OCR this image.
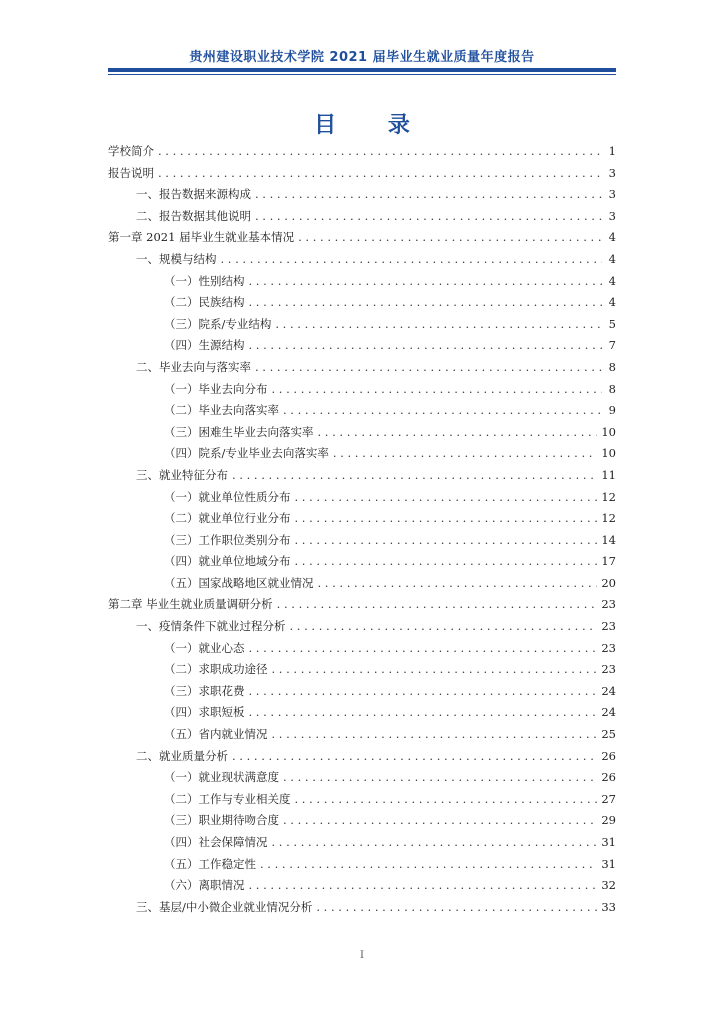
贵州建设职业技术学院 2021 届毕业生就业质量年度报告
目 录
学校简介 . . .	1
报告说明 . . .	3
一、报告数据来源构成 . . .	3
二、报告数据其他说明 . . .	3
第一章 2021 届毕业生就业基本情况 . . .	4
一、规模与结构 . . .	4
（一）性别结构 . . .	4
（二）民族结构 . . .	4
（三）院系/专业结构 . . .	5
（四）生源结构 . . .	7
二、毕业去向与落实率 . . .	8
（一）毕业去向分布 . . .	8
（二）毕业去向落实率 . . .	9
（三）困难生毕业去向落实率 . . .	10
（四）院系/专业毕业去向落实率 . . .	10
三、就业特征分布 . . .	11
（一）就业单位性质分布 . . .	12
（二）就业单位行业分布 . . .	12
（三）工作职位类别分布 . . .	14
（四）就业单位地域分布 . . .	17
（五）国家战略地区就业情况 . . .	20
第二章 毕业生就业质量调研分析 . . .	23
一、疫情条件下就业过程分析 . . .	23
（一）就业心态 . . .	23
（二）求职成功途径 . . .	23
（三）求职花费 . . .	24
（四）求职短板 . . .	24
（五）省内就业情况 . . .	25
二、就业质量分析 . . .	26
（一）就业现状满意度 . . .	26
（二）工作与专业相关度 . . .	27
（三）职业期待吻合度 . . .	29
（四）社会保障情况 . . .	31
（五）工作稳定性 . . .	31
（六）离职情况 . . .	32
三、基层/中小微企业就业情况分析 . . .	33
I
